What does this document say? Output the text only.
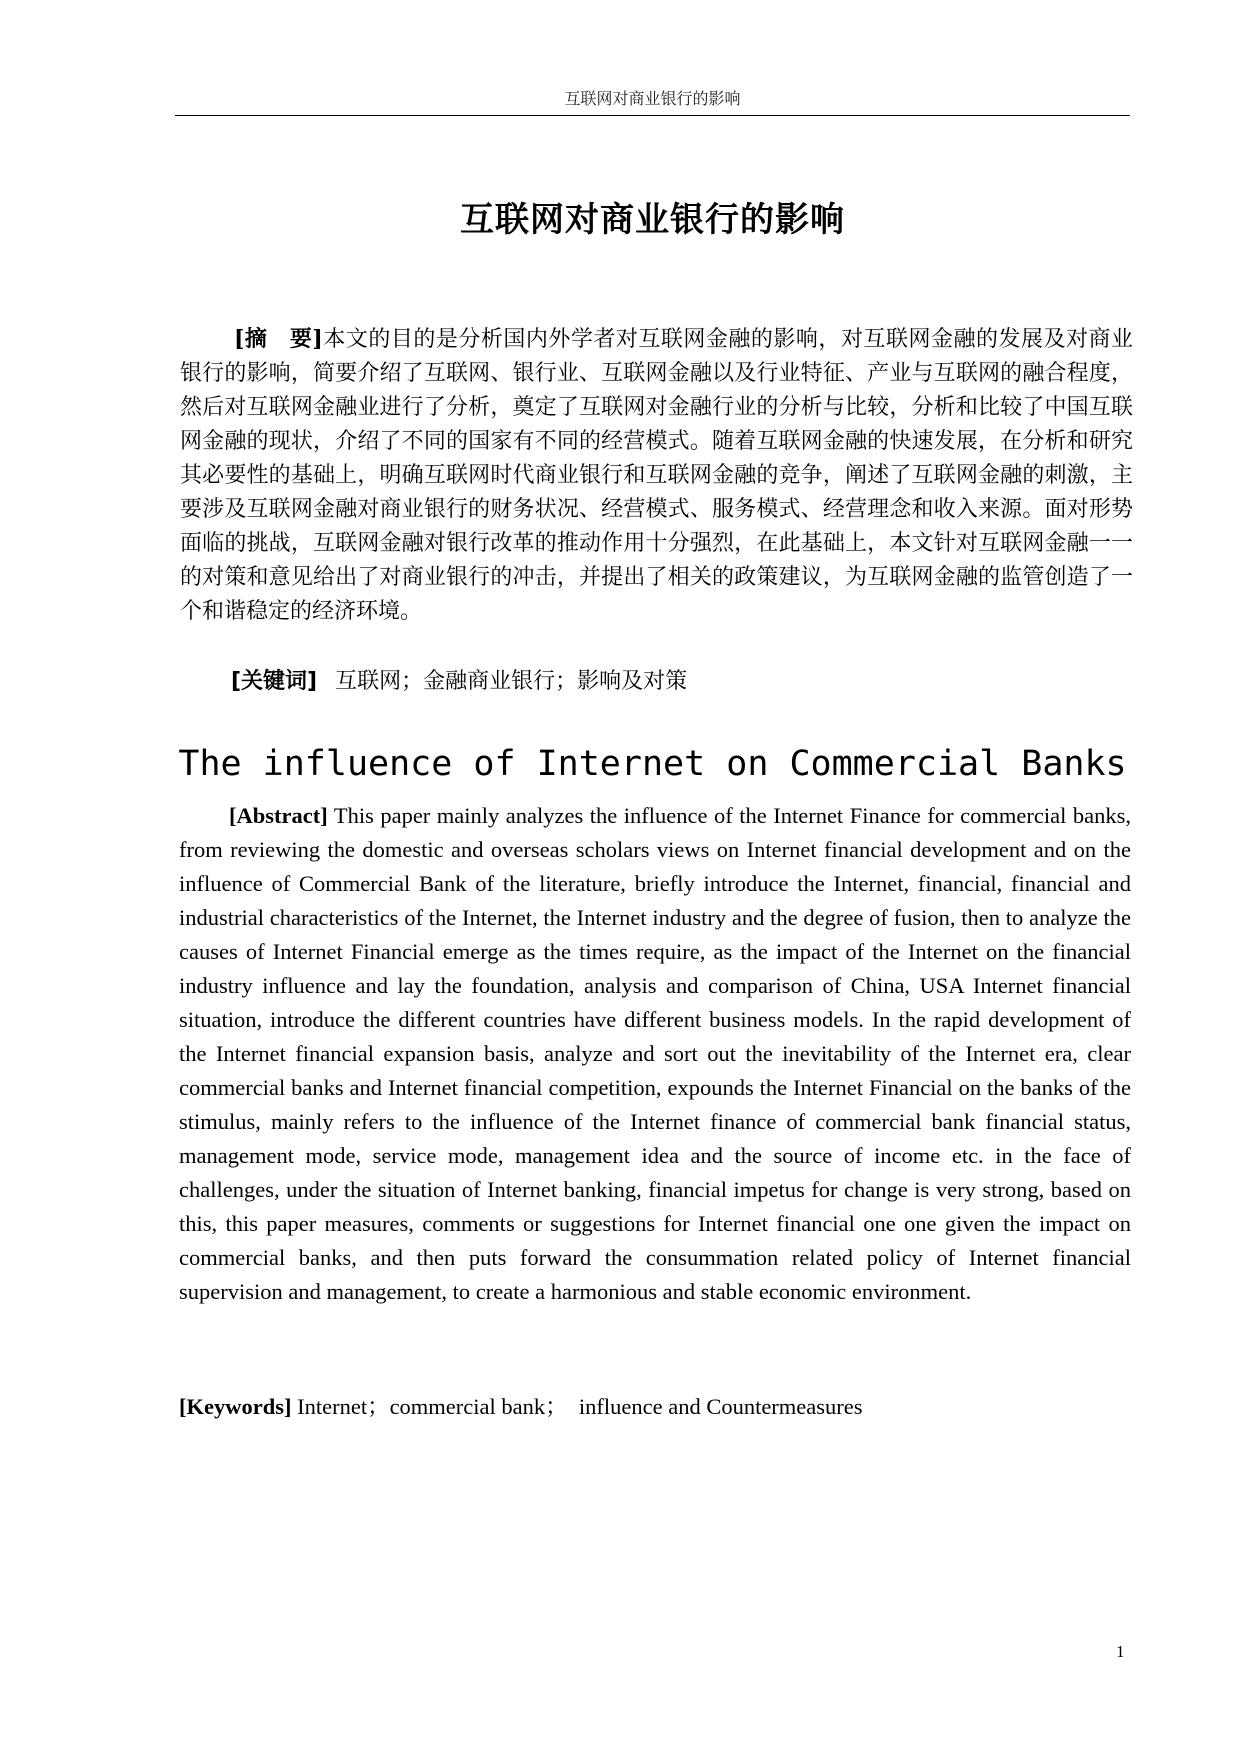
互联网对商业银行的影响
互联网对商业银行的影响

[摘　要]本文的目的是分析国内外学者对互联网金融的影响，对互联网金融的发展及对商业银行的影响，简要介绍了互联网、银行业、互联网金融以及行业特征、产业与互联网的融合程度，然后对互联网金融业进行了分析，奠定了互联网对金融行业的分析与比较，分析和比较了中国互联网金融的现状，介绍了不同的国家有不同的经营模式。随着互联网金融的快速发展，在分析和研究其必要性的基础上，明确互联网时代商业银行和互联网金融的竞争，阐述了互联网金融的刺激，主要涉及互联网金融对商业银行的财务状况、经营模式、服务模式、经营理念和收入来源。面对形势面临的挑战，互联网金融对银行改革的推动作用十分强烈，在此基础上，本文针对互联网金融一一的对策和意见给出了对商业银行的冲击，并提出了相关的政策建议，为互联网金融的监管创造了一个和谐稳定的经济环境。

[关键词] 互联网；金融商业银行；影响及对策

The influence of Internet on Commercial Banks

[Abstract] This paper mainly analyzes the influence of the Internet Finance for commercial banks, from reviewing the domestic and overseas scholars views on Internet financial development and on the influence of Commercial Bank of the literature, briefly introduce the Internet, financial, financial and industrial characteristics of the Internet, the Internet industry and the degree of fusion, then to analyze the causes of Internet Financial emerge as the times require, as the impact of the Internet on the financial industry influence and lay the foundation, analysis and comparison of China, USA Internet financial situation, introduce the different countries have different business models. In the rapid development of the Internet financial expansion basis, analyze and sort out the inevitability of the Internet era, clear commercial banks and Internet financial competition, expounds the Internet Financial on the banks of the stimulus, mainly refers to the influence of the Internet finance of commercial bank financial status, management mode, service mode, management idea and the source of income etc. in the face of challenges, under the situation of Internet banking, financial impetus for change is very strong, based on this, this paper measures, comments or suggestions for Internet financial one one given the impact on commercial banks, and then puts forward the consummation related policy of Internet financial supervision and management, to create a harmonious and stable economic environment.

[Keywords] Internet；commercial bank；　influence and Countermeasures

1
